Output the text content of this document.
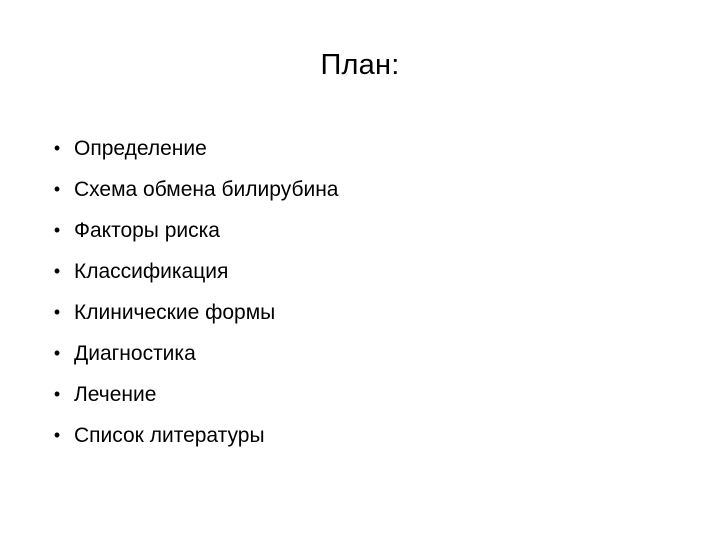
План:
• Определение
• Схема обмена билирубина
• Факторы риска
• Классификация
• Клинические формы
• Диагностика
• Лечение
• Список литературы
